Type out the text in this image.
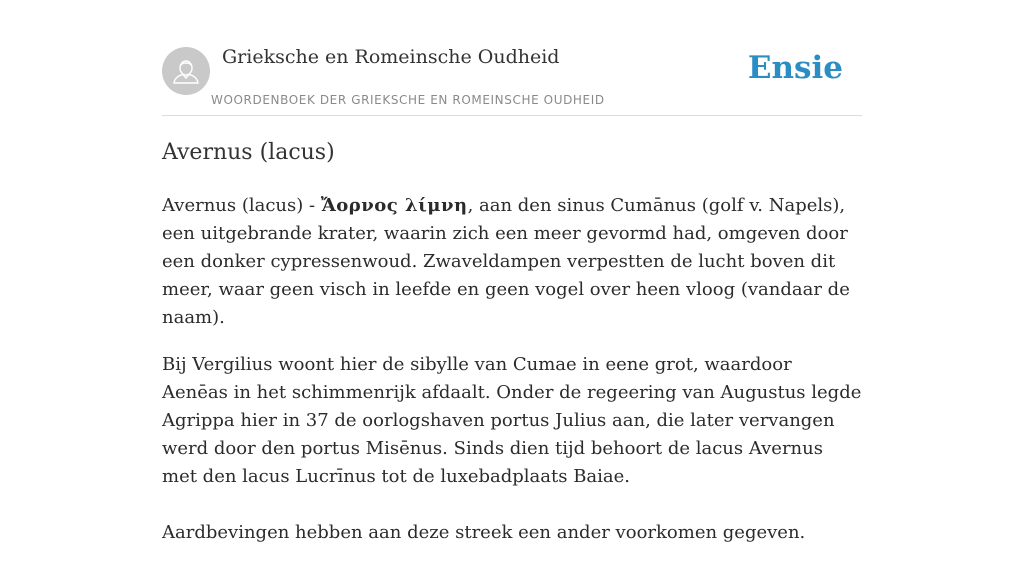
Grieksche en Romeinsche Oudheid
WOORDENBOEK DER GRIEKSCHE EN ROMEINSCHE OUDHEID
Ensie
Avernus (lacus)

Avernus (lacus) - Ἄορνος λίμνη, aan den sinus Cumānus (golf v. Napels), een uitgebrande krater, waarin zich een meer gevormd had, omgeven door een donker cypressenwoud. Zwaveldampen verpestten de lucht boven dit meer, waar geen visch in leefde en geen vogel over heen vloog (vandaar de naam).

Bij Vergilius woont hier de sibylle van Cumae in eene grot, waardoor Aenēas in het schimmenrijk afdaalt. Onder de regeering van Augustus legde Agrippa hier in 37 de oorlogshaven portus Julius aan, die later vervangen werd door den portus Misēnus. Sinds dien tijd behoort de lacus Avernus met den lacus Lucrīnus tot de luxebadplaats Baiae.

Aardbevingen hebben aan deze streek een ander voorkomen gegeven.
